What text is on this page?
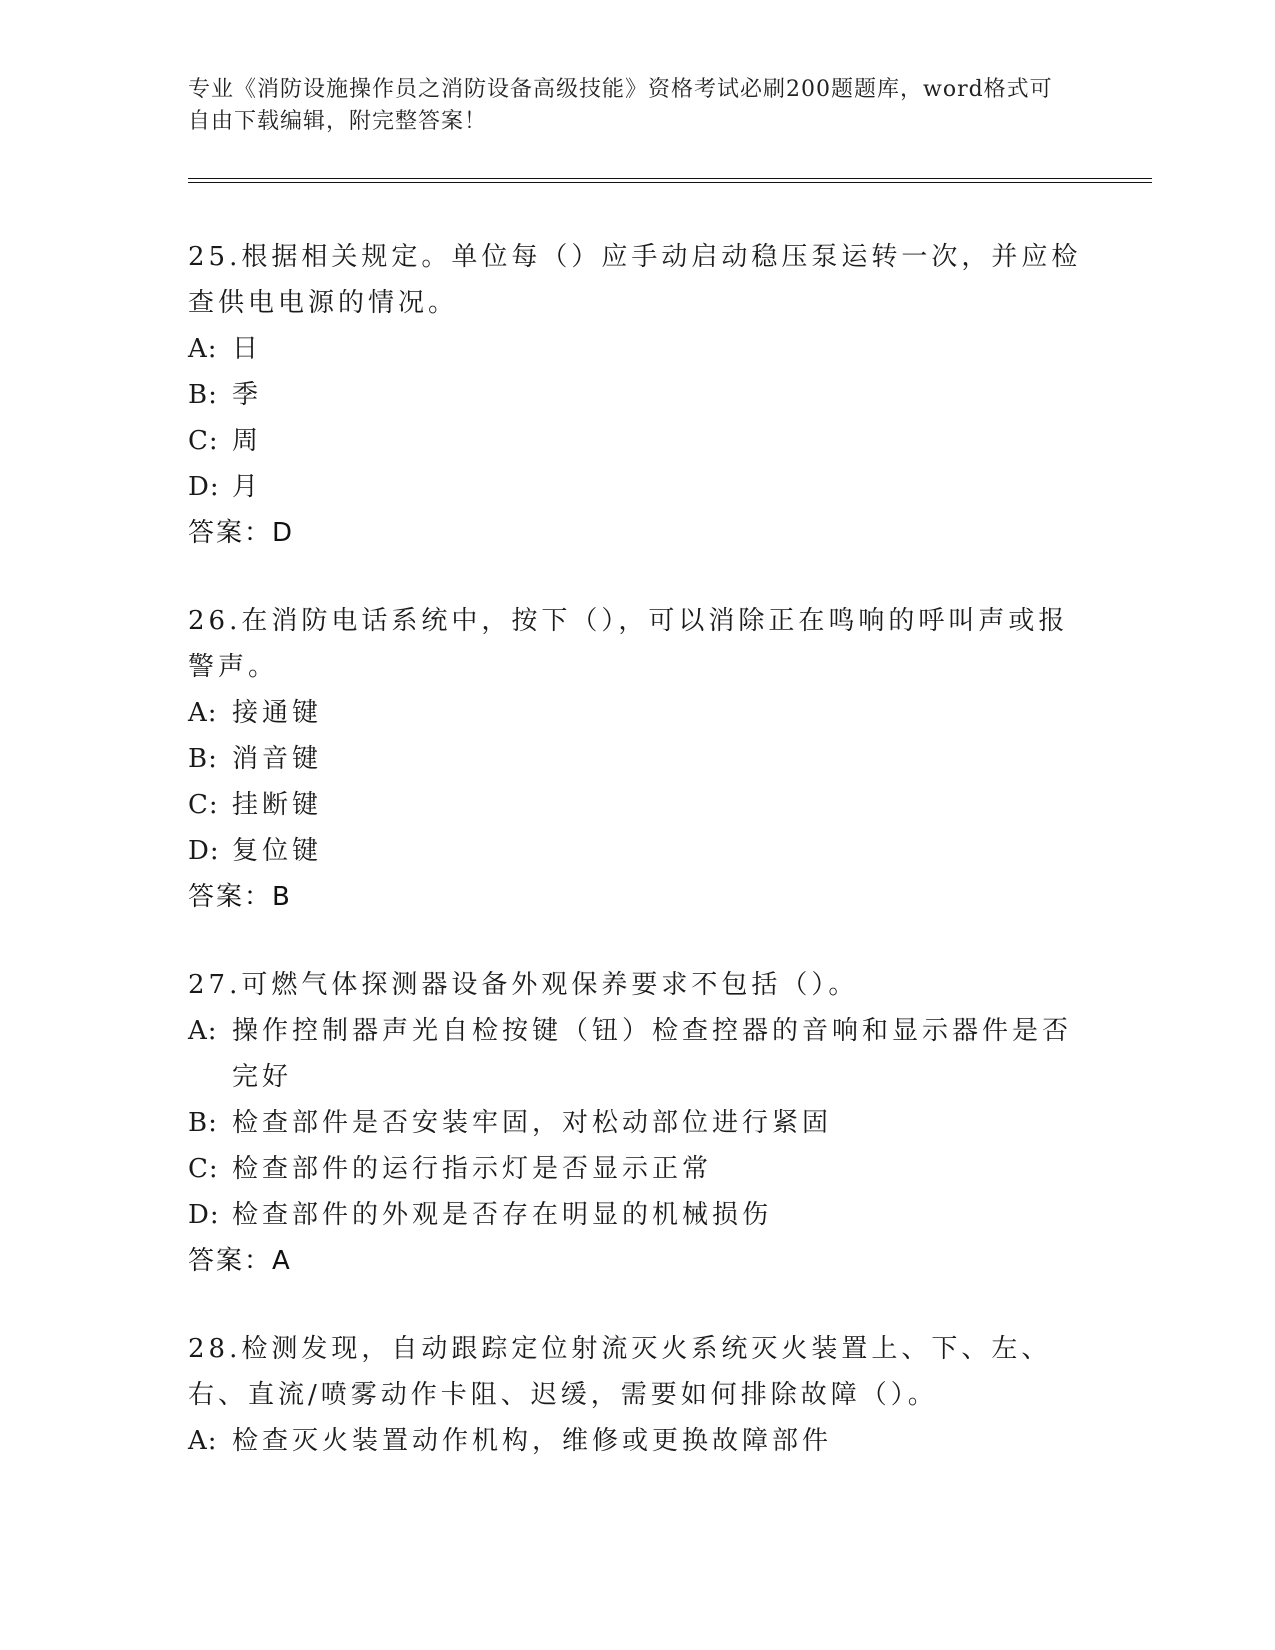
专业《消防设施操作员之消防设备高级技能》资格考试必刷200题题库，word格式可自由下载编辑，附完整答案！

25.根据相关规定。单位每（）应手动启动稳压泵运转一次，并应检查供电电源的情况。

A: 日
B: 季
C: 周
D: 月

答案：D

26.在消防电话系统中，按下（），可以消除正在鸣响的呼叫声或报警声。

A: 接通键
B: 消音键
C: 挂断键
D: 复位键

答案：B

27.可燃气体探测器设备外观保养要求不包括（）。

A: 操作控制器声光自检按键（钮）检查控器的音响和显示器件是否完好
B: 检查部件是否安装牢固，对松动部位进行紧固
C: 检查部件的运行指示灯是否显示正常
D: 检查部件的外观是否存在明显的机械损伤

答案：A

28.检测发现，自动跟踪定位射流灭火系统灭火装置上、下、左、右、直流/喷雾动作卡阻、迟缓，需要如何排除故障（）。

A: 检查灭火装置动作机构，维修或更换故障部件
